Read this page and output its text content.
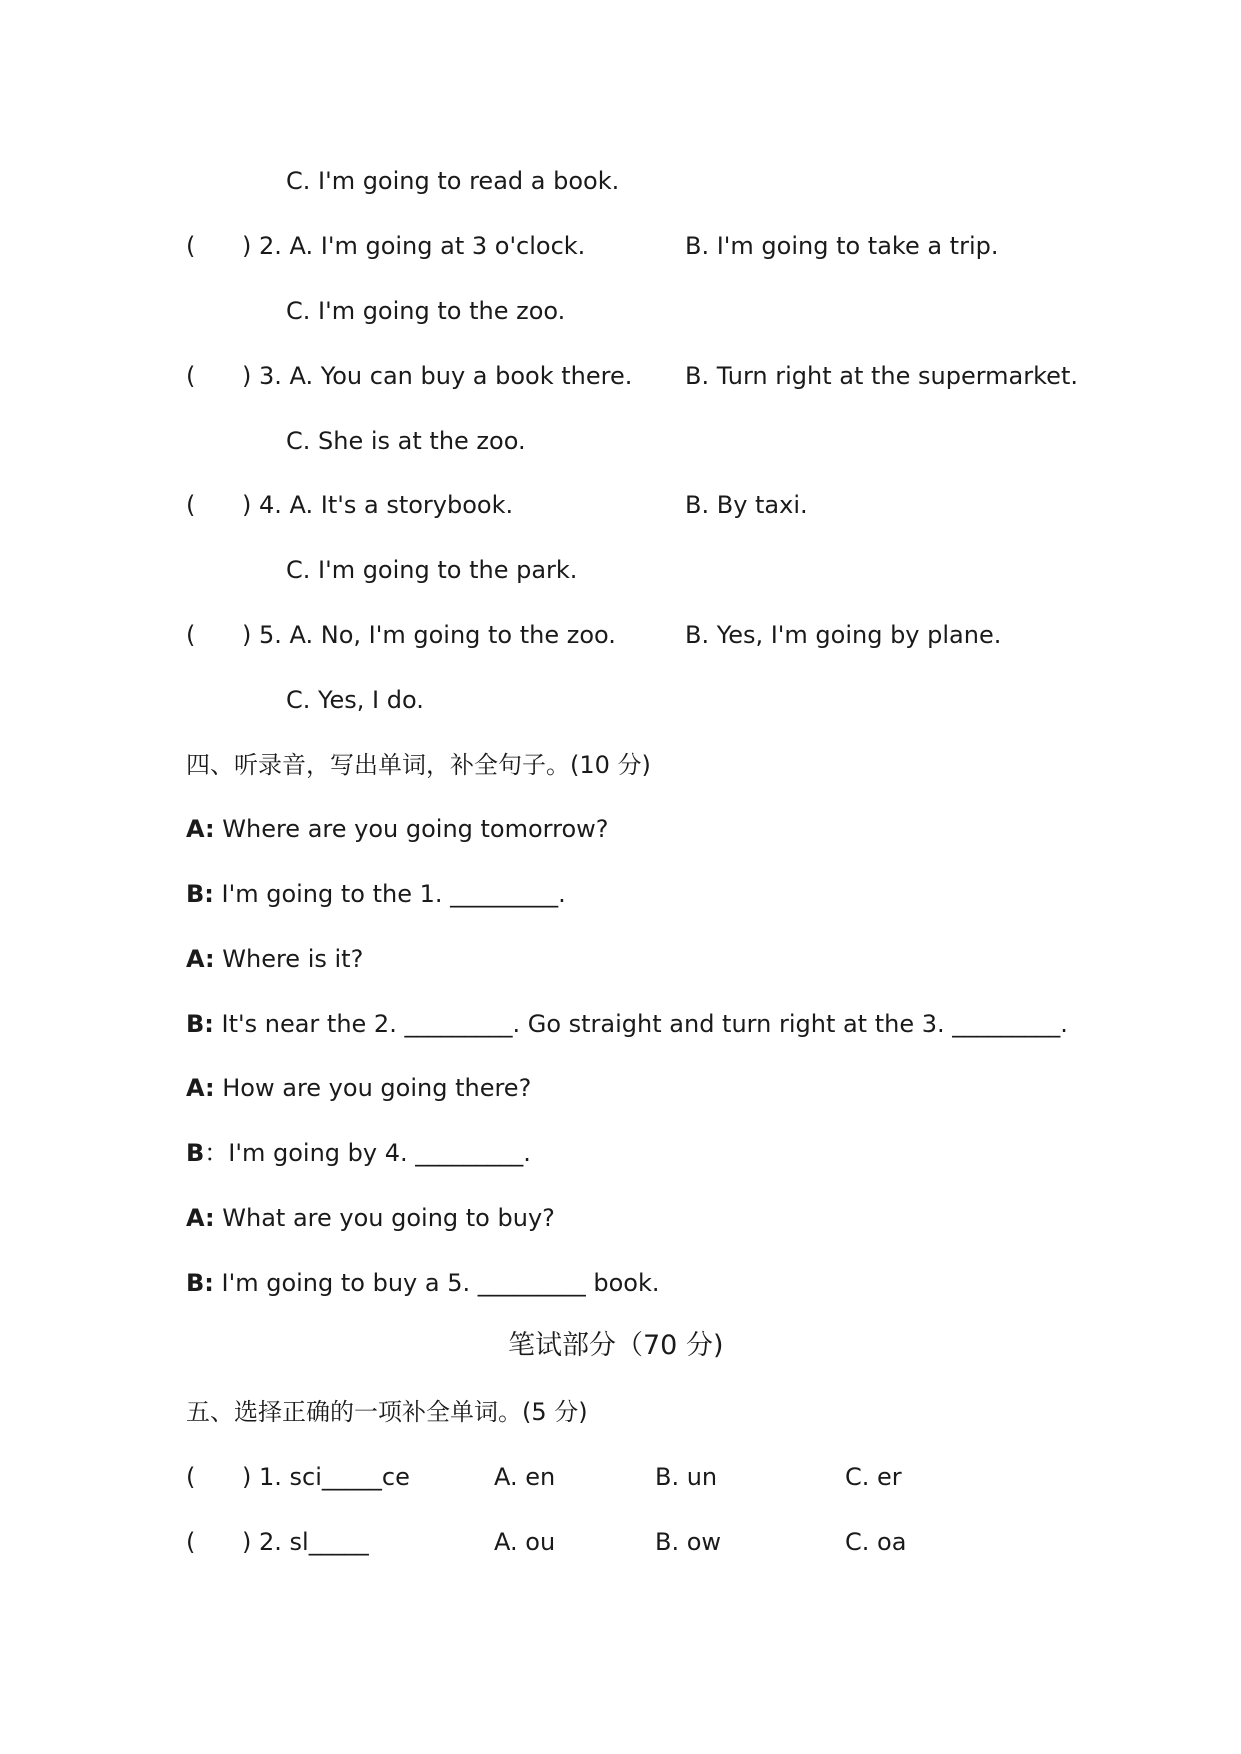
C. I'm going to read a book.
( ) 2. A. I'm going at 3 o'clock.	B. I'm going to take a trip.
C. I'm going to the zoo.
( ) 3. A. You can buy a book there. B. Turn right at the supermarket.
C. She is at the zoo.
( ) 4. A. It's a storybook.	B. By taxi.
C. I'm going to the park.
( ) 5. A. No, I'm going to the zoo.	B. Yes, I'm going by plane.
C. Yes, I do.
四、听录音，写出单词，补全句子。(10 分)
A: Where are you going tomorrow?
B: I'm going to the 1. _________.
A: Where is it?
B: It's near the 2. _________. Go straight and turn right at the 3. _________.
A: How are you going there?
B：I'm going by 4. _________.
A: What are you going to buy?
B: I'm going to buy a 5. _________ book.
笔试部分（70 分)
五、选择正确的一项补全单词。(5 分)
( ) 1. sci_____ce	A. en	B. un	C. er
( ) 2. sl_____	A. ou	B. ow	C. oa
